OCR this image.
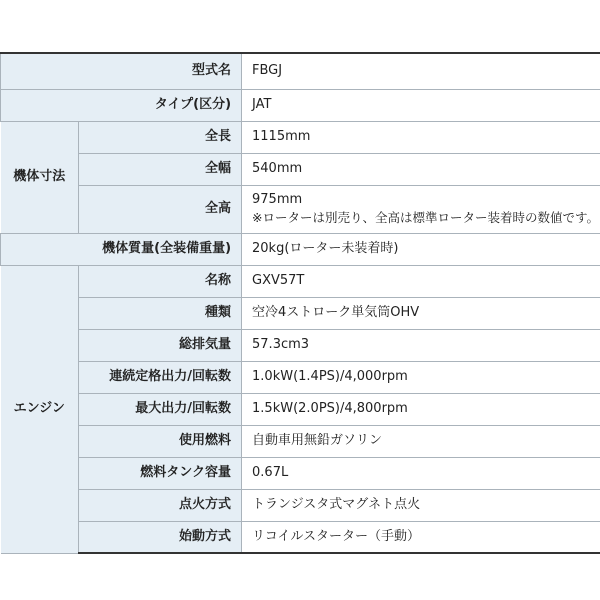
型式名		FBGJ
タイプ(区分)		JAT
機体寸法	全長	1115mm
	全幅	540mm
	全高	975mm
※ローターは別売り、全高は標準ローター装着時の数値です。

機体質量(全装備重量)		20kg(ローター未装着時)
エンジン	名称	GXV57T
	種類	空冷4ストローク単気筒OHV
	総排気量	57.3cm3
	連続定格出力/回転数	1.0kW(1.4PS)/4,000rpm
	最大出力/回転数	1.5kW(2.0PS)/4,800rpm
	使用燃料	自動車用無鉛ガソリン
	燃料タンク容量	0.67L
	点火方式	トランジスタ式マグネト点火
	始動方式	リコイルスターター（手動）
